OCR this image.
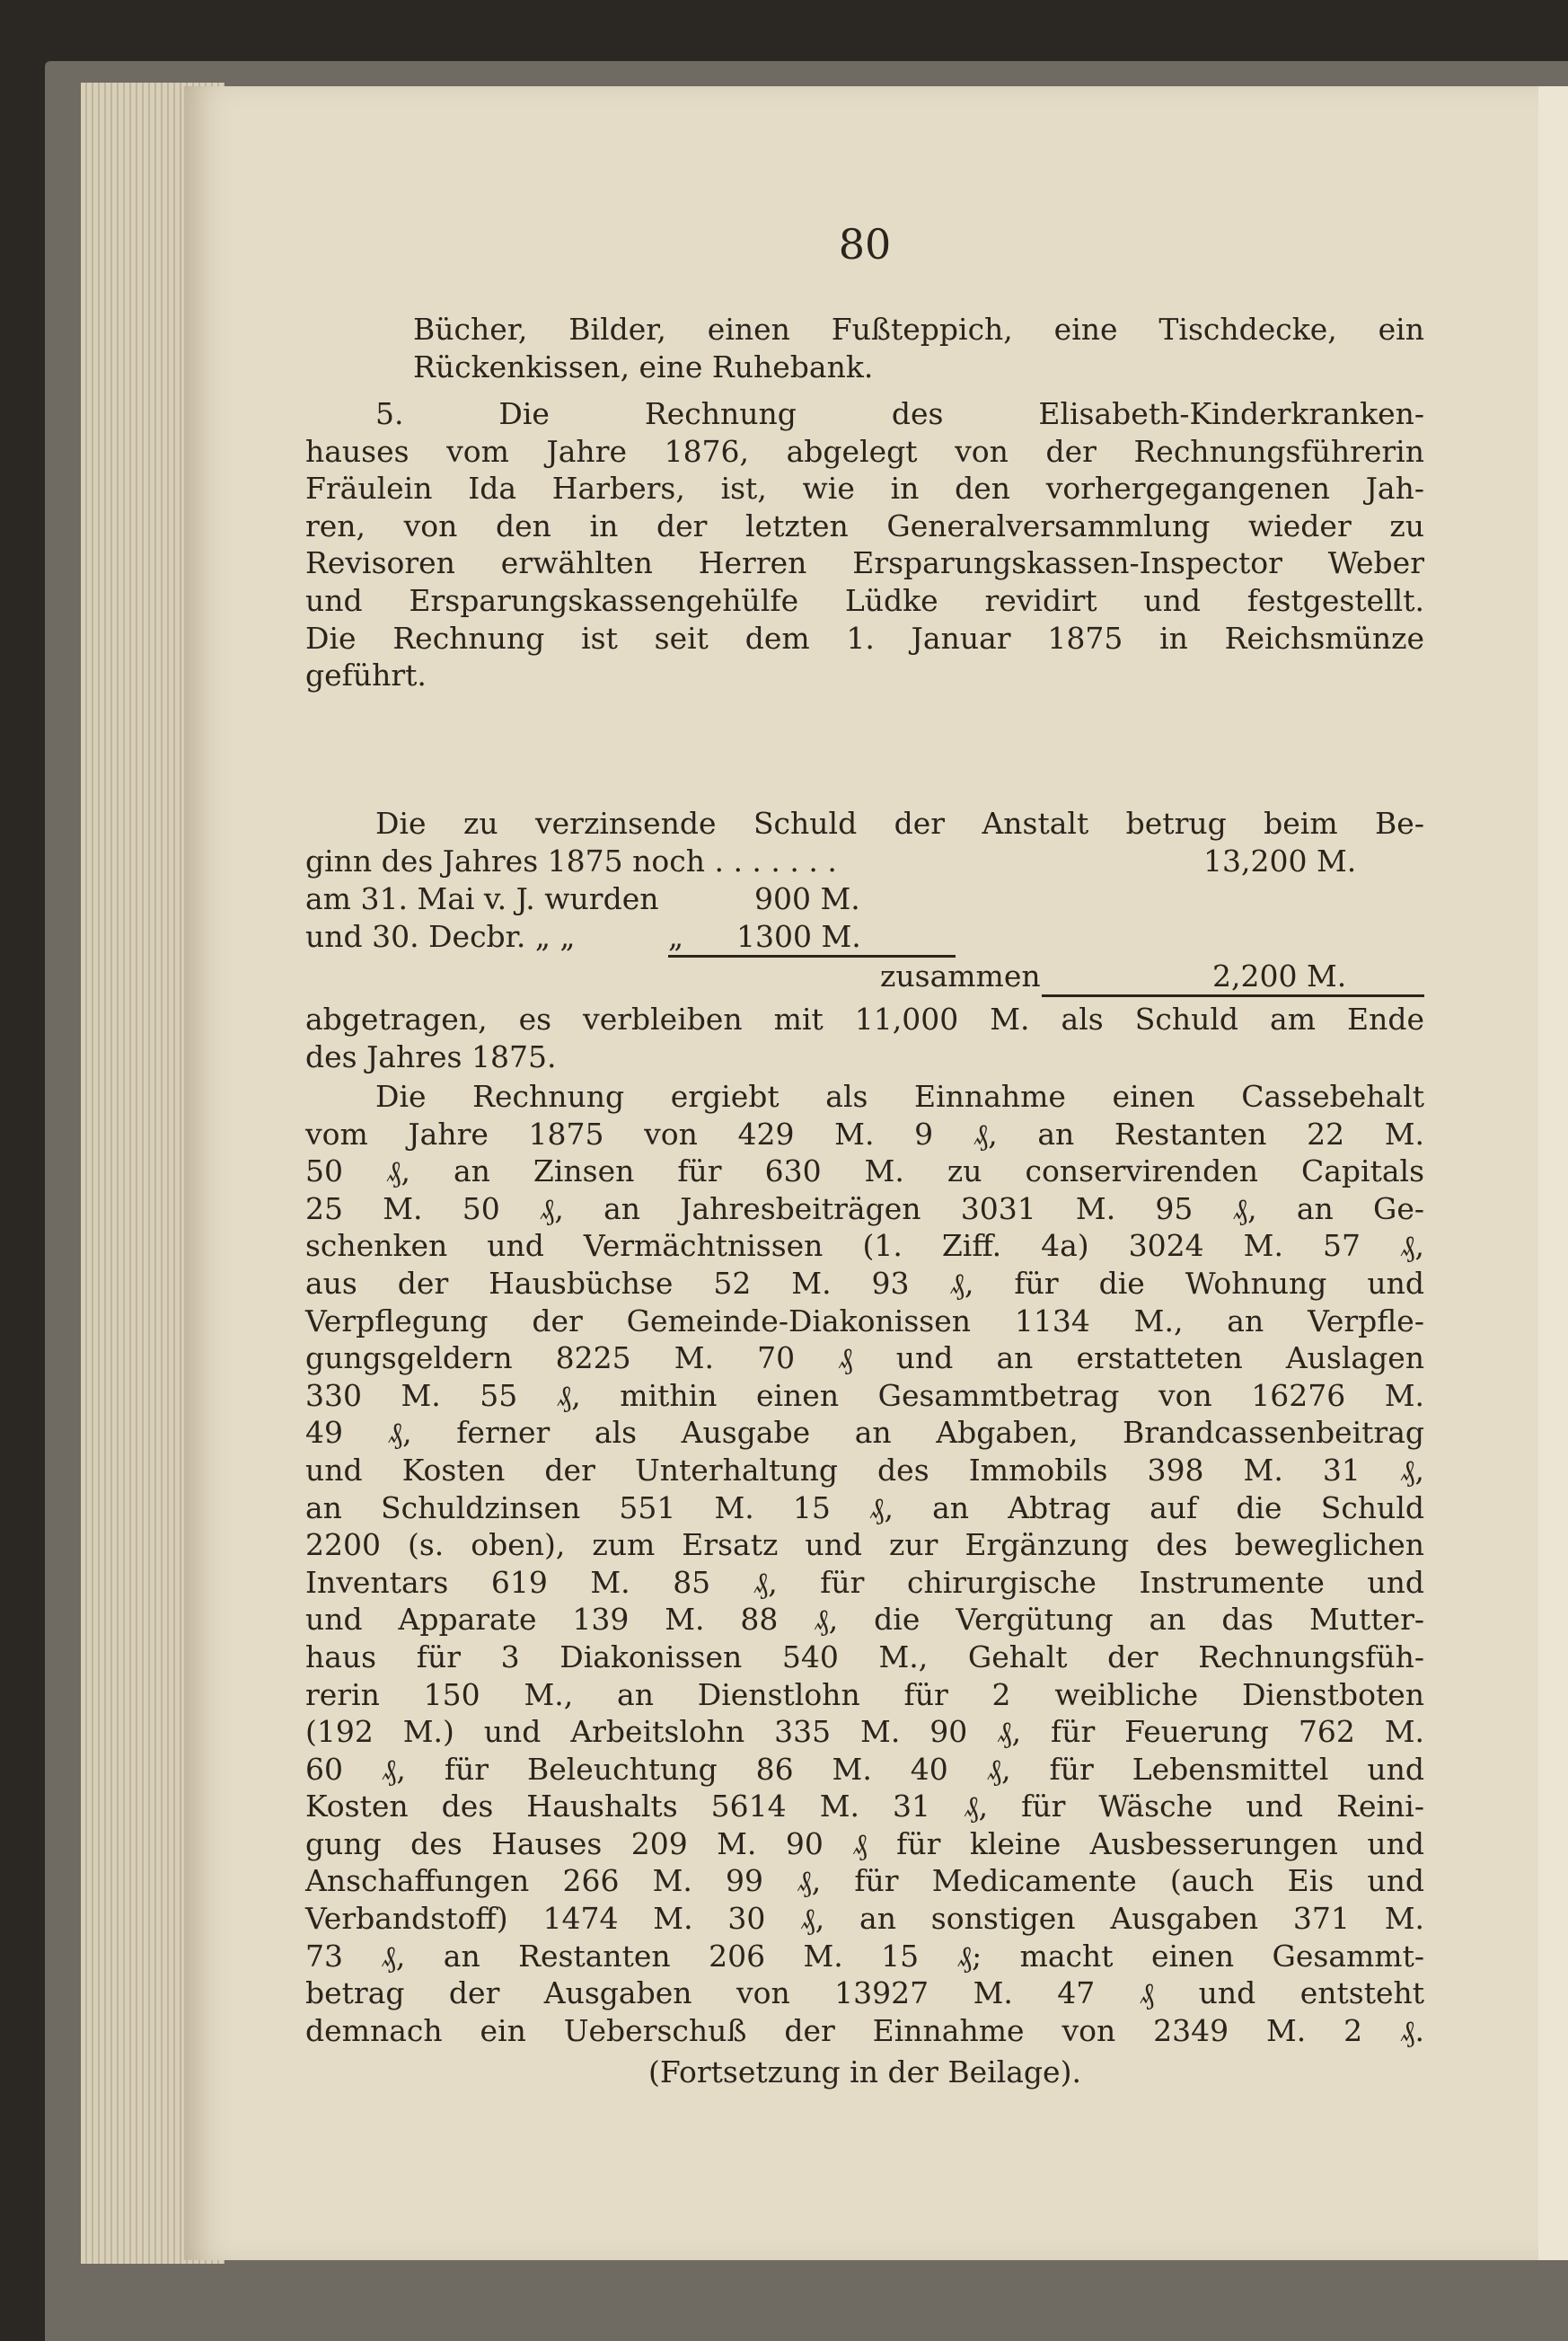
80
Bücher, Bilder, einen Fußteppich, eine Tischdecke, ein
Rückenkissen, eine Ruhebank.
5. Die Rechnung des Elisabeth-Kinderkranken-
hauses vom Jahre 1876, abgelegt von der Rechnungsführerin
Fräulein Ida Harbers, ist, wie in den vorhergegangenen Jah-
ren, von den in der letzten Generalversammlung wieder zu
Revisoren erwählten Herren Ersparungskassen-Inspector Weber
und Ersparungskassengehülfe Lüdke revidirt und festgestellt.
Die Rechnung ist seit dem 1. Januar 1875 in Reichsmünze
geführt.
Die zu verzinsende Schuld der Anstalt betrug beim Be-
ginn des Jahres 1875 noch . . . . . . .	13,200 M.
am 31. Mai v. J. wurden	900 M.
und 30. Decbr. „ „	„ 1300 M.
zusammen	2,200 M.
abgetragen, es verbleiben mit 11,000 M. als Schuld am Ende
des Jahres 1875.
Die Rechnung ergiebt als Einnahme einen Cassebehalt
vom Jahre 1875 von 429 M. 9 ₰, an Restanten 22 M.
50 ₰, an Zinsen für 630 M. zu conservirenden Capitals
25 M. 50 ₰, an Jahresbeiträgen 3031 M. 95 ₰, an Ge-
schenken und Vermächtnissen (1. Ziff. 4a) 3024 M. 57 ₰,
aus der Hausbüchse 52 M. 93 ₰, für die Wohnung und
Verpflegung der Gemeinde-Diakonissen 1134 M., an Verpfle-
gungsgeldern 8225 M. 70 ₰ und an erstatteten Auslagen
330 M. 55 ₰, mithin einen Gesammtbetrag von 16276 M.
49 ₰, ferner als Ausgabe an Abgaben, Brandcassenbeitrag
und Kosten der Unterhaltung des Immobils 398 M. 31 ₰,
an Schuldzinsen 551 M. 15 ₰, an Abtrag auf die Schuld
2200 (s. oben), zum Ersatz und zur Ergänzung des beweglichen
Inventars 619 M. 85 ₰, für chirurgische Instrumente und
und Apparate 139 M. 88 ₰, die Vergütung an das Mutter-
haus für 3 Diakonissen 540 M., Gehalt der Rechnungsfüh-
rerin 150 M., an Dienstlohn für 2 weibliche Dienstboten
(192 M.) und Arbeitslohn 335 M. 90 ₰, für Feuerung 762 M.
60 ₰, für Beleuchtung 86 M. 40 ₰, für Lebensmittel und
Kosten des Haushalts 5614 M. 31 ₰, für Wäsche und Reini-
gung des Hauses 209 M. 90 ₰ für kleine Ausbesserungen und
Anschaffungen 266 M. 99 ₰, für Medicamente (auch Eis und
Verbandstoff) 1474 M. 30 ₰, an sonstigen Ausgaben 371 M.
73 ₰, an Restanten 206 M. 15 ₰; macht einen Gesammt-
betrag der Ausgaben von 13927 M. 47 ₰ und entsteht
demnach ein Ueberschuß der Einnahme von 2349 M. 2 ₰.
(Fortsetzung in der Beilage).
